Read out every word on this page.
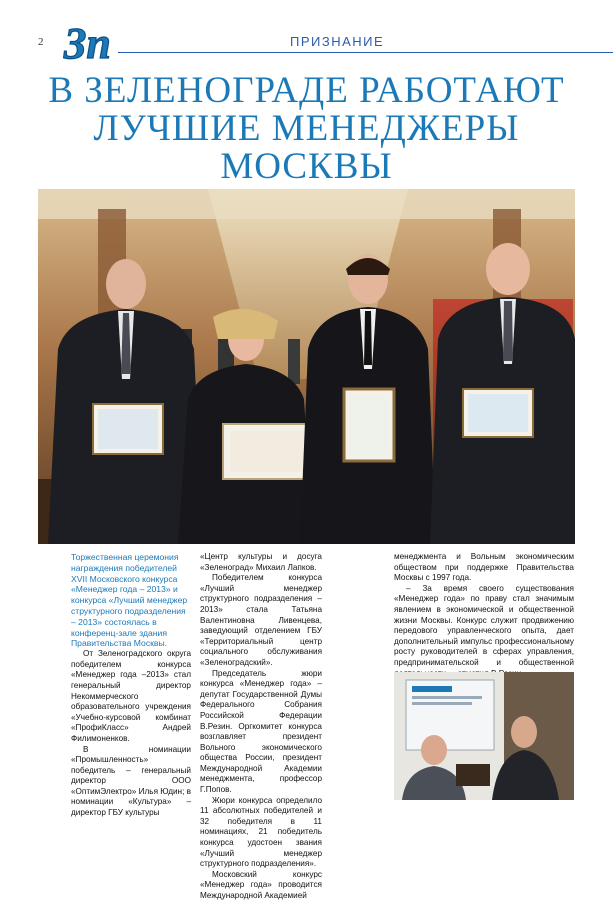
2 Зп	ПРИЗНАНИЕ
В ЗЕЛЕНОГРАДЕ РАБОТАЮТ
ЛУЧШИЕ МЕНЕДЖЕРЫ
МОСКВЫ

Торжественная церемония награждения победителей XVII Московского конкурса «Менеджер года – 2013» и конкурса «Лучший менеджер структурного подразделения – 2013» состоялась в конференц-зале здания Правительства Москвы.

От Зеленоградского округа победителем конкурса «Менеджер года –2013» стал генеральный директор Некоммерческого образовательного учреждения «Учебно-курсовой комбинат «ПрофиКласс» Андрей Филимоненков.

В номинации «Промышленность» победитель – генеральный директор ООО «ОптимЭлектро» Илья Юдин; в номинации «Культура» – директор ГБУ культуры

«Центр культуры и досуга «Зеленоград» Михаил Лапков.

Победителем конкурса «Лучший менеджер структурного подразделения – 2013» стала Татьяна Валентиновна Ливенцева, заведующий отделением ГБУ «Территориальный центр социального обслуживания «Зеленоградский».

Председатель жюри конкурса «Менеджер года» – депутат Государственной Думы Федерального Собрания Российской Федерации В.Резин. Оргкомитет конкурса возглавляет президент Вольного экономического общества России, президент Международной Академии менеджмента, профессор Г.Попов.

Жюри конкурса определило 11 абсолютных победителей и 32 победителя в 11 номинациях, 21 победитель конкурса удостоен звания «Лучший менеджер структурного подразделения».

Московский конкурс «Менеджер года» проводится Международной Академией

менеджмента и Вольным экономическим обществом при поддержке Правительства Москвы с 1997 года.

– За время своего существования «Менеджер года» по праву стал значимым явлением в экономической и общественной жизни Москвы. Конкурс служит продвижению передового управленческого опыта, дает дополнительный импульс профессиональному росту руководителей в сферах управления, предпринимательской и общественной
